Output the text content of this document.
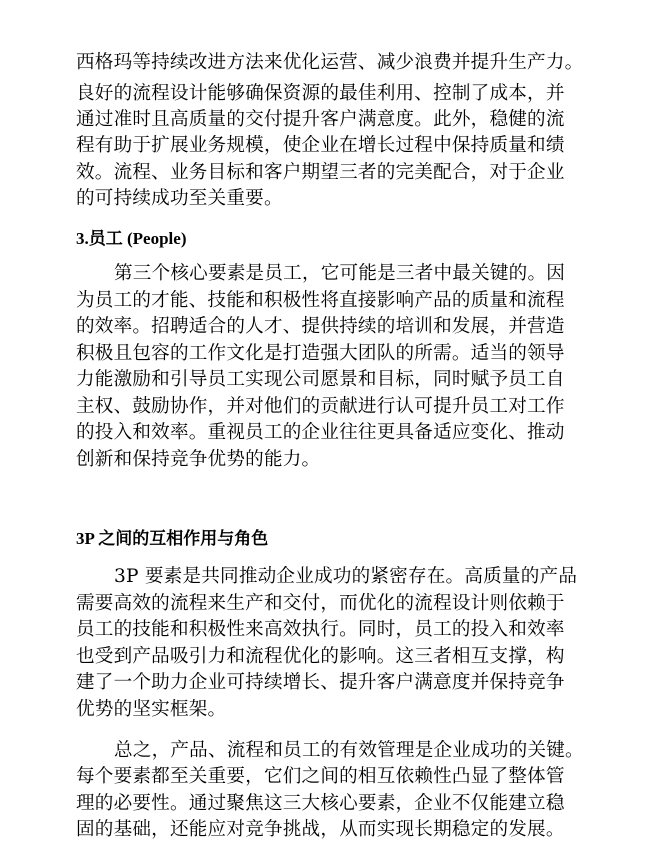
西格玛等持续改进方法来优化运营、减少浪费并提升生产力。
良好的流程设计能够确保资源的最佳利用、控制了成本，并
通过准时且高质量的交付提升客户满意度。此外，稳健的流
程有助于扩展业务规模，使企业在增长过程中保持质量和绩
效。流程、业务目标和客户期望三者的完美配合，对于企业
的可持续成功至关重要。
3.员工 (People)
第三个核心要素是员工，它可能是三者中最关键的。因
为员工的才能、技能和积极性将直接影响产品的质量和流程
的效率。招聘适合的人才、提供持续的培训和发展，并营造
积极且包容的工作文化是打造强大团队的所需。适当的领导
力能激励和引导员工实现公司愿景和目标，同时赋予员工自
主权、鼓励协作，并对他们的贡献进行认可提升员工对工作
的投入和效率。重视员工的企业往往更具备适应变化、推动
创新和保持竞争优势的能力。
3P 之间的互相作用与角色
3P 要素是共同推动企业成功的紧密存在。高质量的产品
需要高效的流程来生产和交付，而优化的流程设计则依赖于
员工的技能和积极性来高效执行。同时，员工的投入和效率
也受到产品吸引力和流程优化的影响。这三者相互支撑，构
建了一个助力企业可持续增长、提升客户满意度并保持竞争
优势的坚实框架。
总之，产品、流程和员工的有效管理是企业成功的关键。
每个要素都至关重要，它们之间的相互依赖性凸显了整体管
理的必要性。通过聚焦这三大核心要素，企业不仅能建立稳
固的基础，还能应对竞争挑战，从而实现长期稳定的发展。
